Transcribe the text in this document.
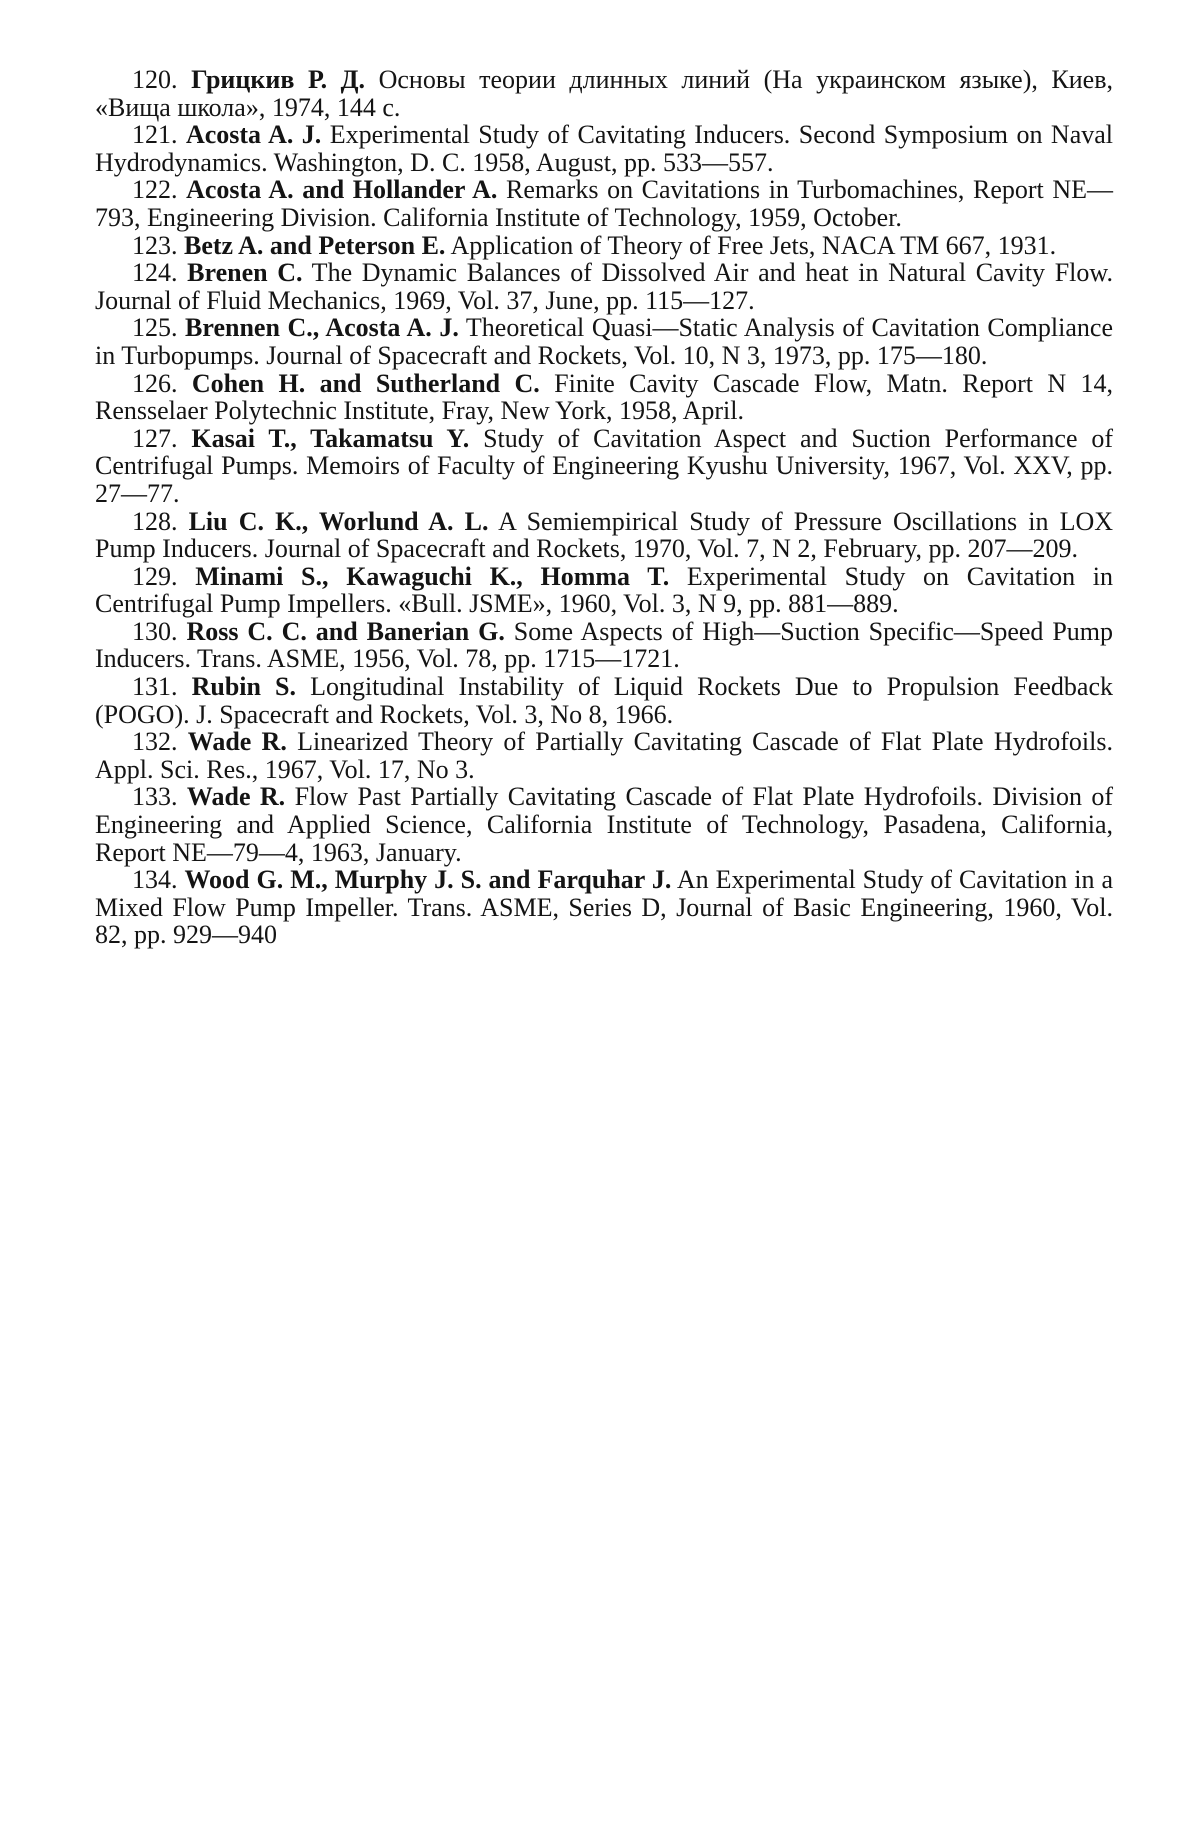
120. Грицкив Р. Д. Основы теории длинных линий (На украинском языке), Киев, «Вища школа», 1974, 144 с.

121. Acosta A. J. Experimental Study of Cavitating Inducers. Second Symposium on Naval Hydrodynamics. Washington, D. C. 1958, August, pp. 533—557.

122. Acosta A. and Hollander A. Remarks on Cavitations in Turbomachines, Report NE—793, Engineering Division. California Institute of Technology, 1959, October.

123. Betz A. and Peterson E. Application of Theory of Free Jets, NACA TM 667, 1931.

124. Brenen C. The Dynamic Balances of Dissolved Air and heat in Natural Cavity Flow. Journal of Fluid Mechanics, 1969, Vol. 37, June, pp. 115—127.

125. Brennen C., Acosta A. J. Theoretical Quasi—Static Analysis of Cavitation Compliance in Turbopumps. Journal of Spacecraft and Rockets, Vol. 10, N 3, 1973, pp. 175—180.

126. Cohen H. and Sutherland C. Finite Cavity Cascade Flow, Matn. Report N 14, Rensselaer Polytechnic Institute, Fray, New York, 1958, April.

127. Kasai T., Takamatsu Y. Study of Cavitation Aspect and Suction Performance of Centrifugal Pumps. Memoirs of Faculty of Engineering Kyushu University, 1967, Vol. XXV, pp. 27—77.

128. Liu C. K., Worlund A. L. A Semiempirical Study of Pressure Oscillations in LOX Pump Inducers. Journal of Spacecraft and Rockets, 1970, Vol. 7, N 2, February, pp. 207—209.

129. Minami S., Kawaguchi K., Homma T. Experimental Study on Cavitation in Centrifugal Pump Impellers. «Bull. JSME», 1960, Vol. 3, N 9, pp. 881—889.

130. Ross C. C. and Banerian G. Some Aspects of High—Suction Specific—Speed Pump Inducers. Trans. ASME, 1956, Vol. 78, pp. 1715—1721.

131. Rubin S. Longitudinal Instability of Liquid Rockets Due to Propulsion Feedback (POGO). J. Spacecraft and Rockets, Vol. 3, No 8, 1966.

132. Wade R. Linearized Theory of Partially Cavitating Cascade of Flat Plate Hydrofoils. Appl. Sci. Res., 1967, Vol. 17, No 3.

133. Wade R. Flow Past Partially Cavitating Cascade of Flat Plate Hydrofoils. Division of Engineering and Applied Science, California Institute of Technology, Pasadena, California, Report NE—79—4, 1963, January.

134. Wood G. M., Murphy J. S. and Farquhar J. An Experimental Study of Cavitation in a Mixed Flow Pump Impeller. Trans. ASME, Series D, Journal of Basic Engineering, 1960, Vol. 82, pp. 929—940
